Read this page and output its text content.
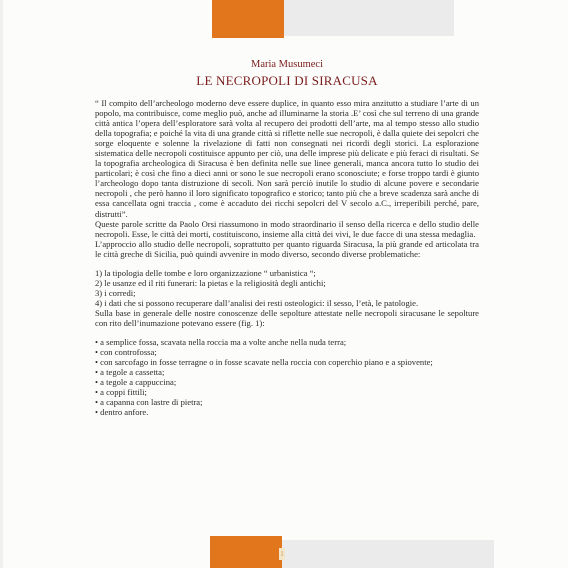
Maria Musumeci
LE NECROPOLI DI SIRACUSA

“ Il compito dell’archeologo moderno deve essere duplice, in quanto esso mira anzitutto a studiare l’arte di un popolo, ma contribuisce, come meglio può, anche ad illuminarne la storia .E’ così che sul terreno di una grande città antica l’opera dell’esploratore sarà volta al recupero dei prodotti dell’arte, ma al tempo stesso allo studio della topografia; e poiché la vita di una grande città si riflette nelle sue necropoli, è dalla quiete dei sepolcri che sorge eloquente e solenne la rivelazione di fatti non consegnati nei ricordi degli storici. La esplorazione sistematica delle necropoli costituisce appunto per ciò, una delle imprese più delicate e più feraci di risultati. Se la topografia archeologica di Siracusa è ben definita nelle sue linee generali, manca ancora tutto lo studio dei particolari; è così che fino a dieci anni or sono le sue necropoli erano sconosciute; e forse troppo tardi è giunto l’archeologo dopo tanta distruzione di secoli. Non sarà perciò inutile lo studio di alcune povere e secondarie necropoli , che però hanno il loro significato topografico e storico; tanto più che a breve scadenza sarà anche di essa cancellata ogni traccia , come è accaduto dei ricchi sepolcri del V secolo a.C., irreperibili perché, pare, distrutti”.

Queste parole scritte da Paolo Orsi riassumono in modo straordinario il senso della ricerca e dello studio delle necropoli. Esse, le città dei morti, costituiscono, insieme alla città dei vivi, le due facce di una stessa medaglia.

L’approccio allo studio delle necropoli, soprattutto per quanto riguarda Siracusa, la più grande ed articolata tra le città greche di Sicilia, può quindi avvenire in modo diverso, secondo diverse problematiche:

1) la tipologia delle tombe e loro organizzazione “ urbanistica “;
2) le usanze ed il riti funerari: la pietas e la religiosità degli antichi;
3) i corredi;
4) i dati che si possono recuperare dall’analisi dei resti osteologici: il sesso, l’età, le patologie.

Sulla base in generale delle nostre conoscenze delle sepolture attestate nelle necropoli siracusane le sepolture con rito dell’inumazione potevano essere (fig. 1):

• a semplice fossa, scavata nella roccia ma a volte anche nella nuda terra;
• con controfossa;
• con sarcofago in fosse terragne o in fosse scavate nella roccia con coperchio piano e a spiovente;
• a tegole a cassetta;
• a tegole a cappuccina;
• a coppi fittili;
• a capanna con lastre di pietra;
• dentro anfore.
1
